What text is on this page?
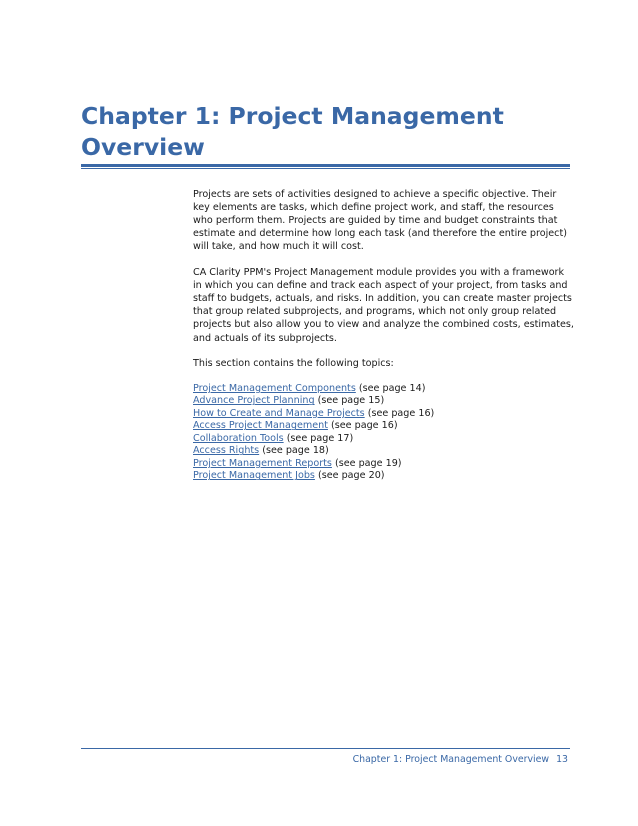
Chapter 1: Project Management Overview

Projects are sets of activities designed to achieve a specific objective. Their key elements are tasks, which define project work, and staff, the resources who perform them. Projects are guided by time and budget constraints that estimate and determine how long each task (and therefore the entire project) will take, and how much it will cost.

CA Clarity PPM's Project Management module provides you with a framework in which you can define and track each aspect of your project, from tasks and staff to budgets, actuals, and risks. In addition, you can create master projects that group related subprojects, and programs, which not only group related projects but also allow you to view and analyze the combined costs, estimates, and actuals of its subprojects.

This section contains the following topics:

Project Management Components (see page 14)
Advance Project Planning (see page 15)
How to Create and Manage Projects (see page 16)
Access Project Management (see page 16)
Collaboration Tools (see page 17)
Access Rights (see page 18)
Project Management Reports (see page 19)
Project Management Jobs (see page 20)
Chapter 1: Project Management Overview 13
